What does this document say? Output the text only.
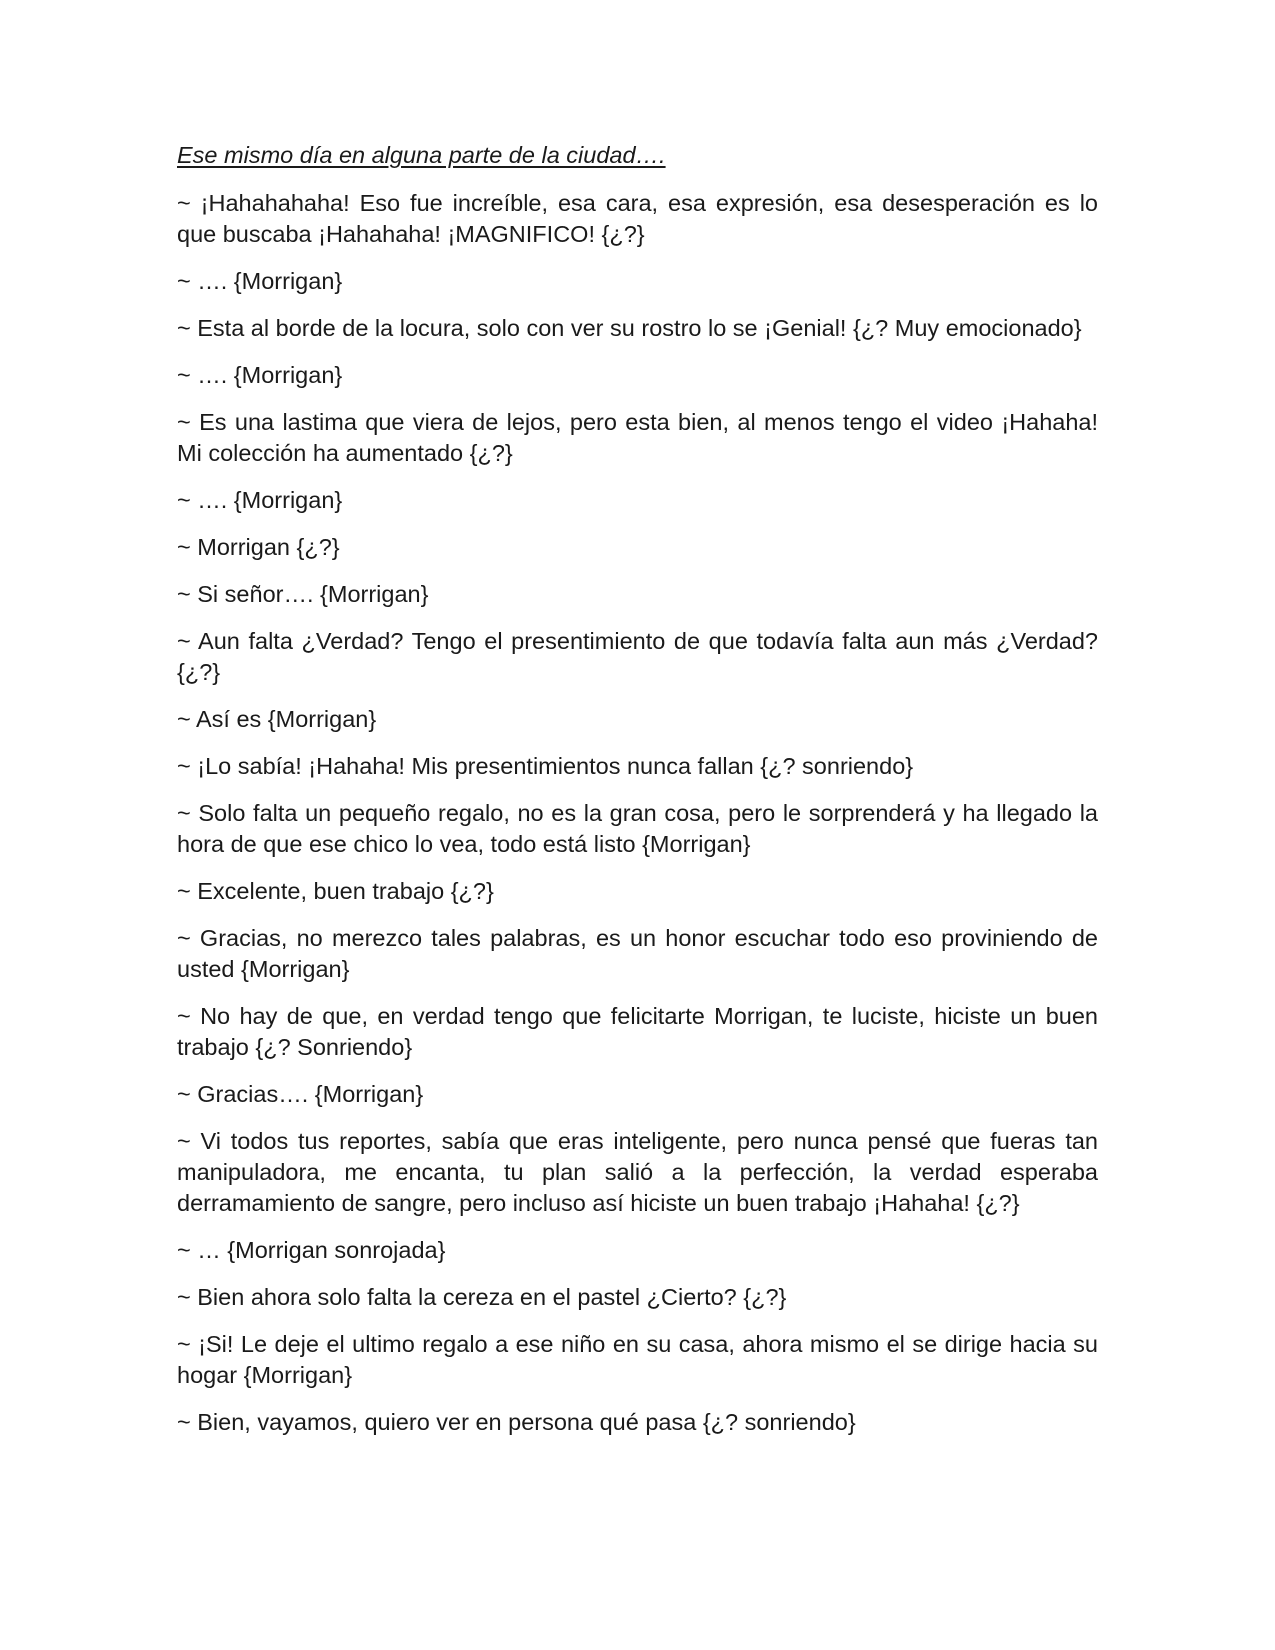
Ese mismo día en alguna parte de la ciudad….

~ ¡Hahahahaha! Eso fue increíble, esa cara, esa expresión, esa desesperación es lo que buscaba ¡Hahahaha! ¡MAGNIFICO! {¿?}

~ …. {Morrigan}

~ Esta al borde de la locura, solo con ver su rostro lo se ¡Genial! {¿? Muy emocionado}

~ …. {Morrigan}

~ Es una lastima que viera de lejos, pero esta bien, al menos tengo el video ¡Hahaha! Mi colección ha aumentado {¿?}

~ …. {Morrigan}

~ Morrigan {¿?}

~ Si señor…. {Morrigan}

~ Aun falta ¿Verdad? Tengo el presentimiento de que todavía falta aun más ¿Verdad? {¿?}

~ Así es {Morrigan}

~ ¡Lo sabía! ¡Hahaha! Mis presentimientos nunca fallan {¿? sonriendo}

~ Solo falta un pequeño regalo, no es la gran cosa, pero le sorprenderá y ha llegado la hora de que ese chico lo vea, todo está listo {Morrigan}

~ Excelente, buen trabajo {¿?}

~ Gracias, no merezco tales palabras, es un honor escuchar todo eso proviniendo de usted {Morrigan}

~ No hay de que, en verdad tengo que felicitarte Morrigan, te luciste, hiciste un buen trabajo {¿? Sonriendo}

~ Gracias…. {Morrigan}

~ Vi todos tus reportes, sabía que eras inteligente, pero nunca pensé que fueras tan manipuladora, me encanta, tu plan salió a la perfección, la verdad esperaba derramamiento de sangre, pero incluso así hiciste un buen trabajo ¡Hahaha! {¿?}

~ … {Morrigan sonrojada}

~ Bien ahora solo falta la cereza en el pastel ¿Cierto? {¿?}

~ ¡Si! Le deje el ultimo regalo a ese niño en su casa, ahora mismo el se dirige hacia su hogar {Morrigan}

~ Bien, vayamos, quiero ver en persona qué pasa {¿? sonriendo}
